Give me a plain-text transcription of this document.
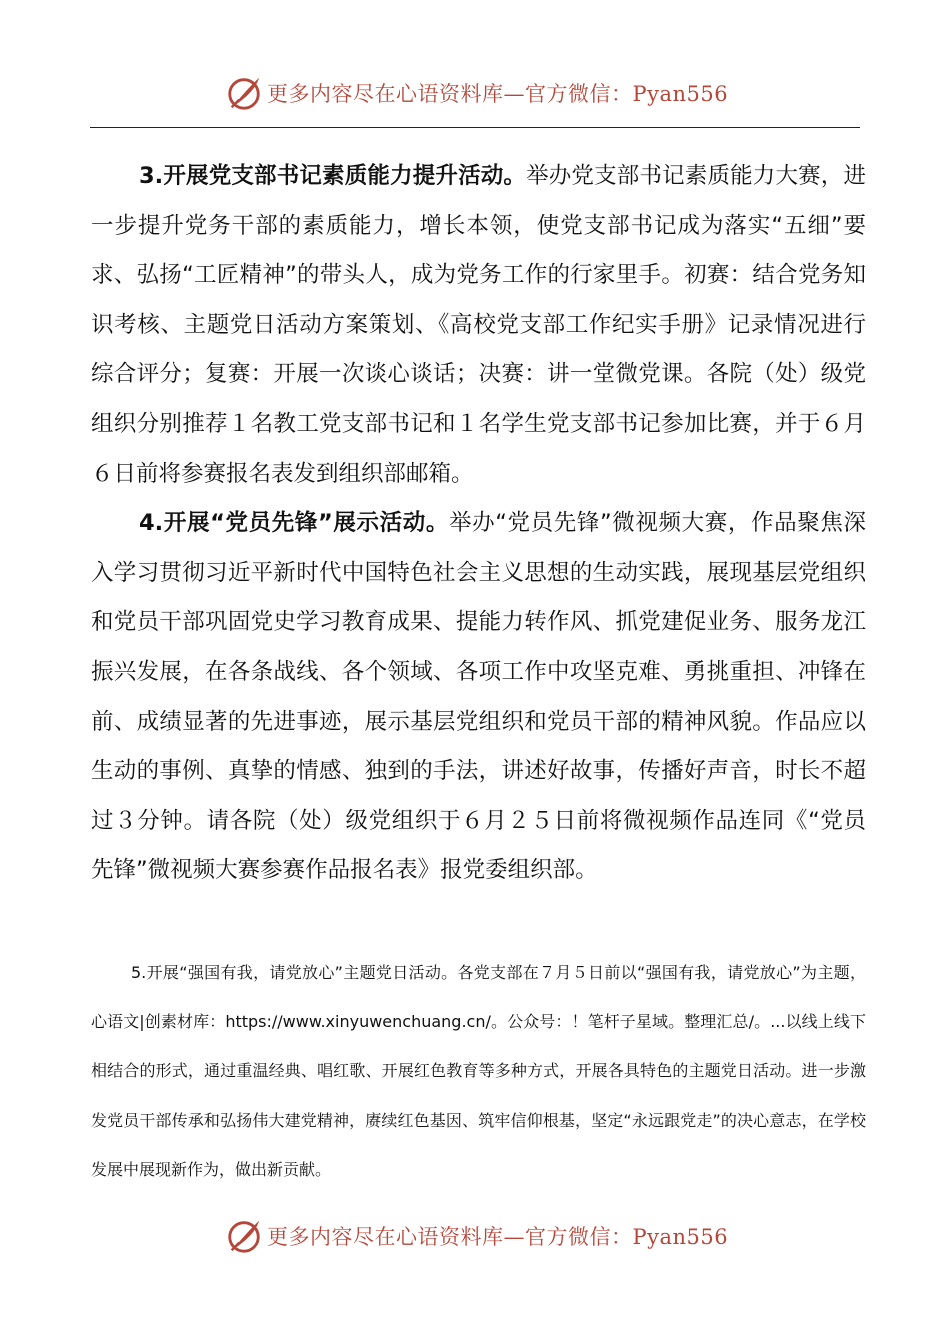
更多内容尽在心语资料库—官方微信：Pyan556

3.开展党支部书记素质能力提升活动。举办党支部书记素质能力大赛，进一步提升党务干部的素质能力，增长本领，使党支部书记成为落实“五细”要求、弘扬“工匠精神”的带头人，成为党务工作的行家里手。初赛：结合党务知识考核、主题党日活动方案策划、《高校党支部工作纪实手册》记录情况进行综合评分；复赛：开展一次谈心谈话；决赛：讲一堂微党课。各院（处）级党组织分别推荐１名教工党支部书记和１名学生党支部书记参加比赛，并于６月６日前将参赛报名表发到组织部邮箱。

4.开展“党员先锋”展示活动。举办“党员先锋”微视频大赛，作品聚焦深入学习贯彻习近平新时代中国特色社会主义思想的生动实践，展现基层党组织和党员干部巩固党史学习教育成果、提能力转作风、抓党建促业务、服务龙江振兴发展，在各条战线、各个领域、各项工作中攻坚克难、勇挑重担、冲锋在前、成绩显著的先进事迹，展示基层党组织和党员干部的精神风貌。作品应以生动的事例、真挚的情感、独到的手法，讲述好故事，传播好声音，时长不超过３分钟。请各院（处）级党组织于６月２５日前将微视频作品连同《“党员先锋”微视频大赛参赛作品报名表》报党委组织部。

5.开展“强国有我，请党放心”主题党日活动。各党支部在７月５日前以“强国有我，请党放心”为主题，心语文|创素材库：https://www.xinyuwenchuang.cn/。公众号：！笔杆子星域。整理汇总/。...以线上线下相结合的形式，通过重温经典、唱红歌、开展红色教育等多种方式，开展各具特色的主题党日活动。进一步激发党员干部传承和弘扬伟大建党精神，赓续红色基因、筑牢信仰根基，坚定“永远跟党走”的决心意志，在学校发展中展现新作为，做出新贡献。

更多内容尽在心语资料库—官方微信：Pyan556
